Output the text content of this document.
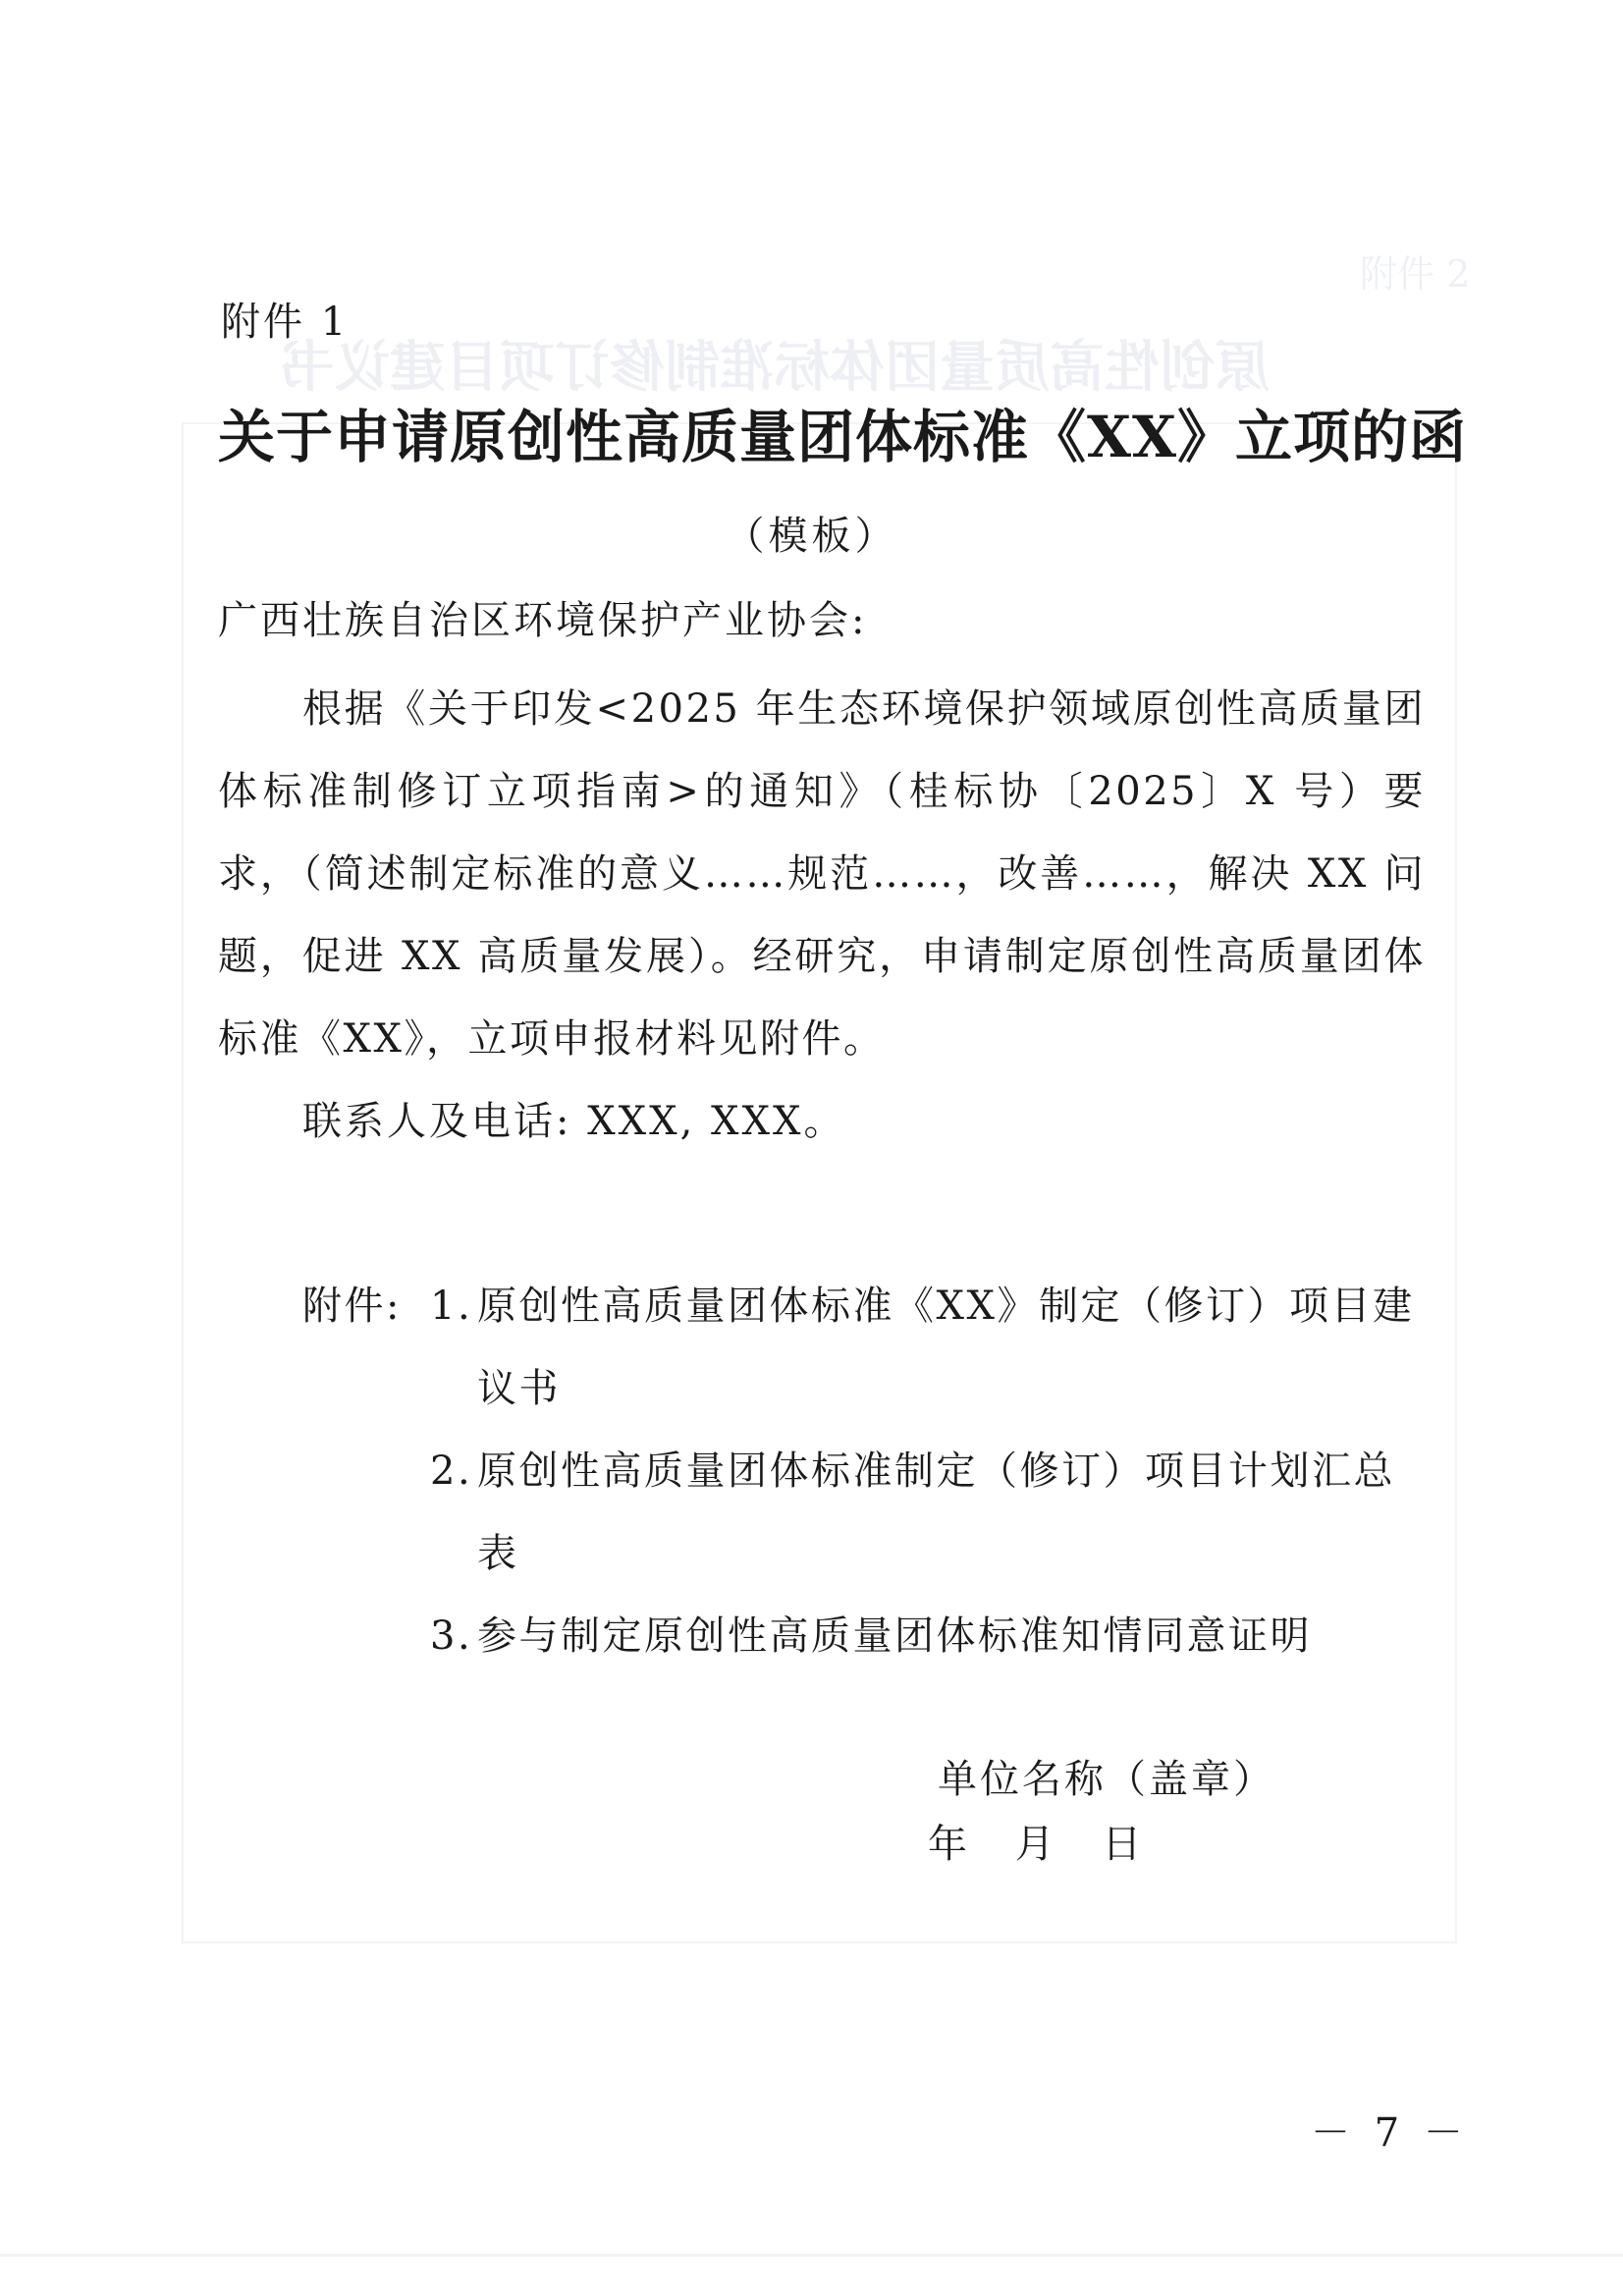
附件 2
原创性高质量团体标准制修订项目建议书
附件 1
关于申请原创性高质量团体标准《XX》立项的函
（模板）
广西壮族自治区环境保护产业协会:

根据《关于印发<2025 年生态环境保护领域原创性高质量团体标准制修订立项指南>的通知》（桂标协〔2025〕X 号）要求，（简述制定标准的意义……规范……，改善……，解决 XX 问题，促进 XX 高质量发展）。经研究，申请制定原创性高质量团体标准《XX》，立项申报材料见附件。

联系人及电话: XXX, XXX。
附件: 1. 原创性高质量团体标准《XX》制定（修订）项目建议书
2. 原创性高质量团体标准制定（修订）项目计划汇总表
3. 参与制定原创性高质量团体标准知情同意证明
单位名称（盖章）
年 月 日
－ 7 －
